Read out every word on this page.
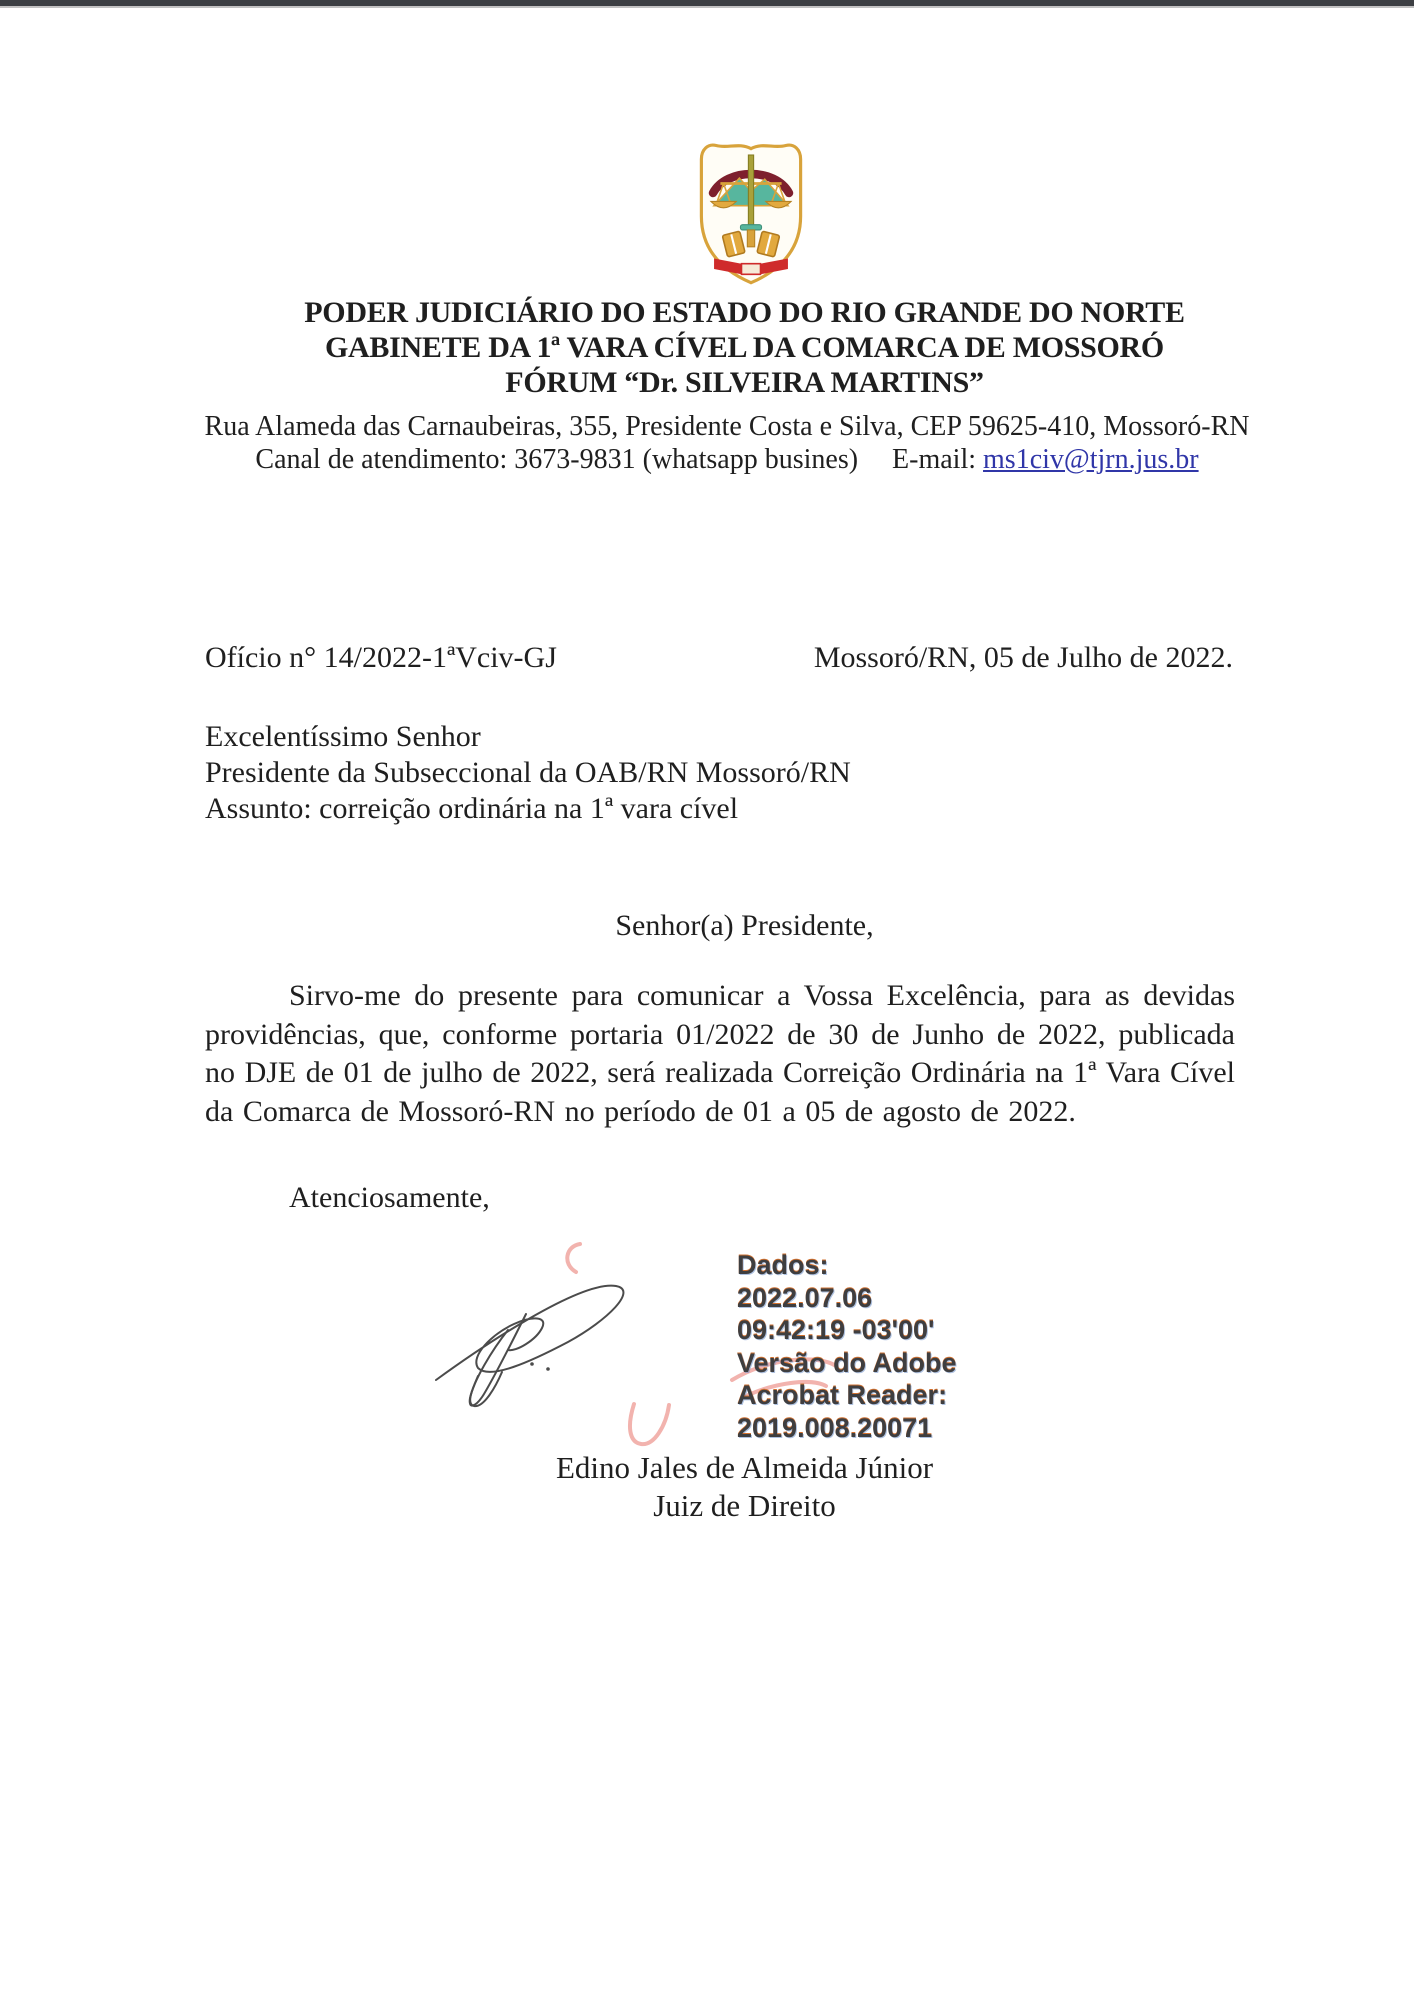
PODER JUDICIÁRIO DO ESTADO DO RIO GRANDE DO NORTE
GABINETE DA 1ª VARA CÍVEL DA COMARCA DE MOSSORÓ
FÓRUM “Dr. SILVEIRA MARTINS”
Rua Alameda das Carnaubeiras, 355, Presidente Costa e Silva, CEP 59625-410, Mossoró-RN
Canal de atendimento: 3673-9831 (whatsapp busines) E-mail: ms1civ@tjrn.jus.br
Ofício n° 14/2022-1ªVciv-GJ	Mossoró/RN, 05 de Julho de 2022.
Excelentíssimo Senhor
Presidente da Subseccional da OAB/RN Mossoró/RN
Assunto: correição ordinária na 1ª vara cível
Senhor(a) Presidente,

Sirvo-me do presente para comunicar a Vossa Excelência, para as devidas providências, que, conforme portaria 01/2022 de 30 de Junho de 2022, publicada no DJE de 01 de julho de 2022, será realizada Correição Ordinária na 1ª Vara Cível da Comarca de Mossoró-RN no período de 01 a 05 de agosto de 2022.

Atenciosamente,
Dados:
2022.07.06
09:42:19 -03'00'
Versão do Adobe
Acrobat Reader:
2019.008.20071
Edino Jales de Almeida Júnior
Juiz de Direito
